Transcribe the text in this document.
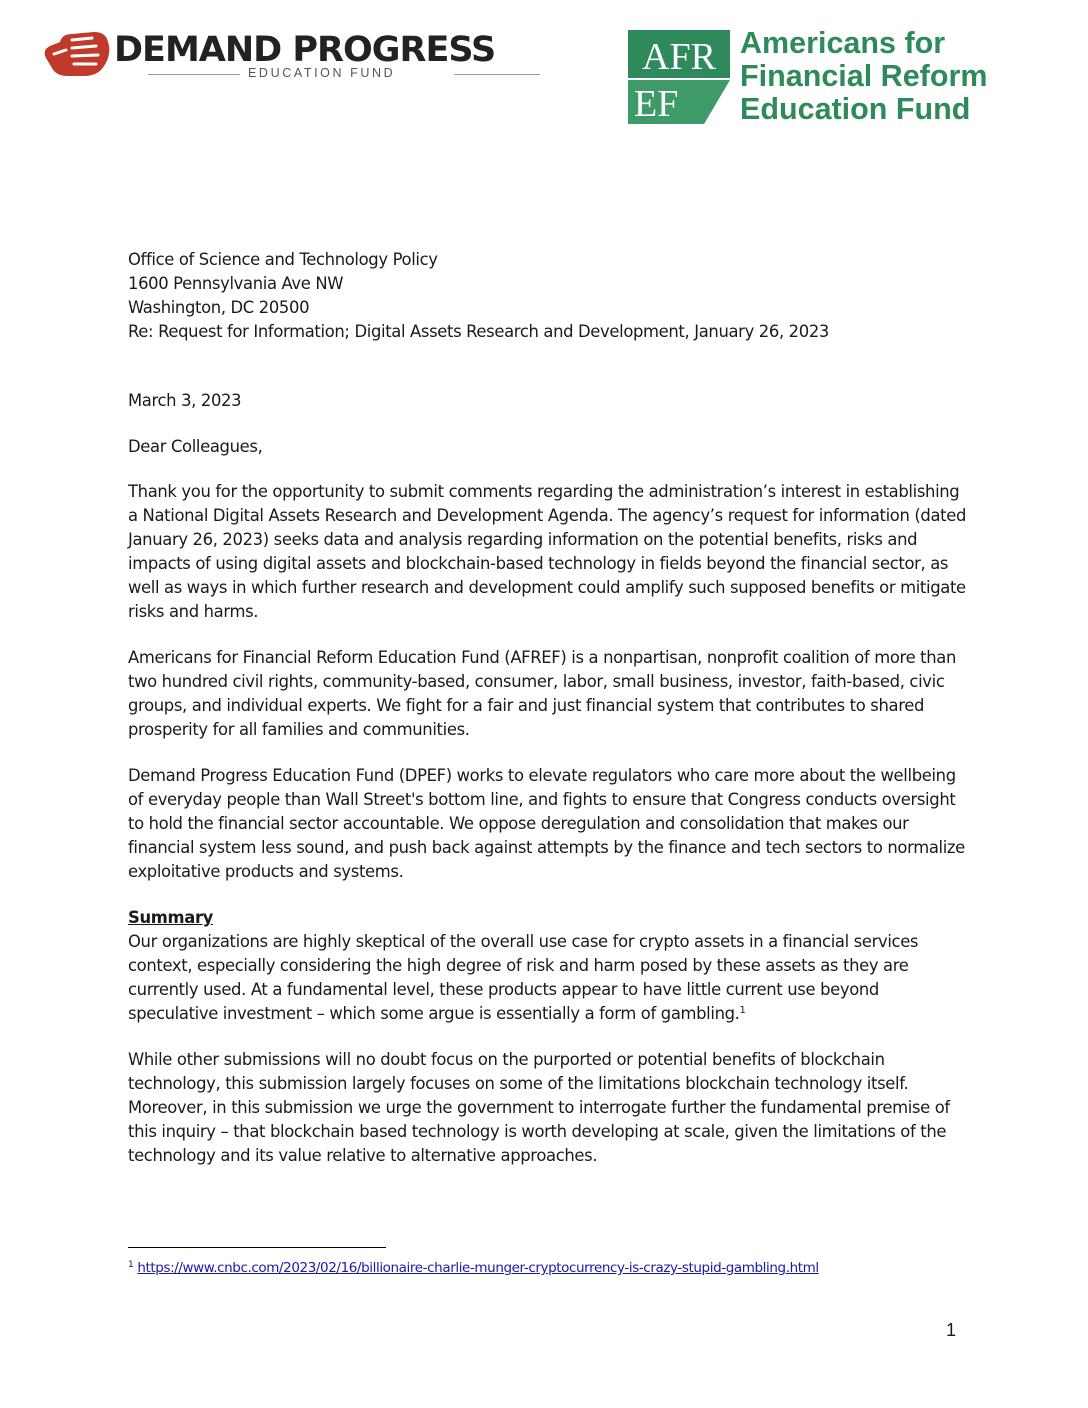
DEMAND PROGRESS
EDUCATION FUND	AFR
EF
Americans for
Financial Reform
Education Fund

Office of Science and Technology Policy

1600 Pennsylvania Ave NW

Washington, DC 20500

Re: Request for Information; Digital Assets Research and Development, January 26, 2023

March 3, 2023

Dear Colleagues,

Thank you for the opportunity to submit comments regarding the administration’s interest in establishing a National Digital Assets Research and Development Agenda. The agency’s request for information (dated January 26, 2023) seeks data and analysis regarding information on the potential benefits, risks and impacts of using digital assets and blockchain-based technology in fields beyond the financial sector, as well as ways in which further research and development could amplify such supposed benefits or mitigate risks and harms.

Americans for Financial Reform Education Fund (AFREF) is a nonpartisan, nonprofit coalition of more than two hundred civil rights, community-based, consumer, labor, small business, investor, faith-based, civic groups, and individual experts. We fight for a fair and just financial system that contributes to shared prosperity for all families and communities.

Demand Progress Education Fund (DPEF) works to elevate regulators who care more about the wellbeing of everyday people than Wall Street's bottom line, and fights to ensure that Congress conducts oversight to hold the financial sector accountable. We oppose deregulation and consolidation that makes our financial system less sound, and push back against attempts by the finance and tech sectors to normalize exploitative products and systems.

Summary

Our organizations are highly skeptical of the overall use case for crypto assets in a financial services context, especially considering the high degree of risk and harm posed by these assets as they are currently used. At a fundamental level, these products appear to have little current use beyond speculative investment – which some argue is essentially a form of gambling.$^1$

While other submissions will no doubt focus on the purported or potential benefits of blockchain technology, this submission largely focuses on some of the limitations blockchain technology itself. Moreover, in this submission we urge the government to interrogate further the fundamental premise of this inquiry – that blockchain based technology is worth developing at scale, given the limitations of the technology and its value relative to alternative approaches.

$^1$ https://www.cnbc.com/2023/02/16/billionaire-charlie-munger-cryptocurrency-is-crazy-stupid-gambling.html
1
